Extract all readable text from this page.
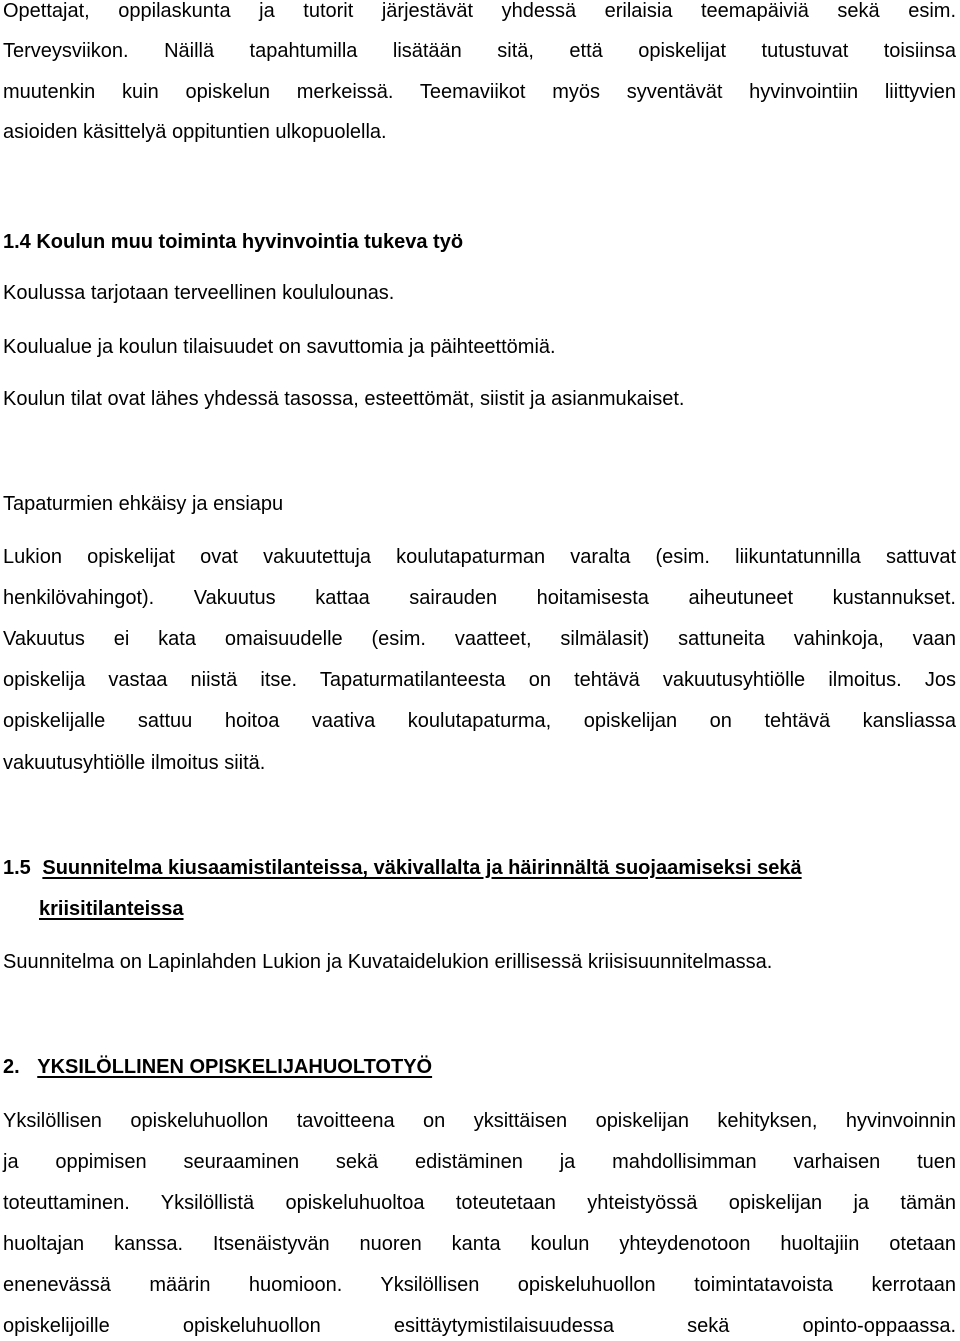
Opettajat, oppilaskunta ja tutorit järjestävät yhdessä erilaisia teemapäiviä sekä esim.
Terveysviikon. Näillä tapahtumilla lisätään sitä, että opiskelijat tutustuvat toisiinsa
muutenkin kuin opiskelun merkeissä. Teemaviikot myös syventävät hyvinvointiin liittyvien
asioiden käsittelyä oppituntien ulkopuolella.
1.4 Koulun muu toiminta hyvinvointia tukeva työ
Koulussa tarjotaan terveellinen koululounas.
Koulualue ja koulun tilaisuudet on savuttomia ja päihteettömiä.
Koulun tilat ovat lähes yhdessä tasossa, esteettömät, siistit ja asianmukaiset.
Tapaturmien ehkäisy ja ensiapu
Lukion opiskelijat ovat vakuutettuja koulutapaturman varalta (esim. liikuntatunnilla sattuvat
henkilövahingot). Vakuutus kattaa sairauden hoitamisesta aiheutuneet kustannukset.
Vakuutus ei kata omaisuudelle (esim. vaatteet, silmälasit) sattuneita vahinkoja, vaan
opiskelija vastaa niistä itse. Tapaturmatilanteesta on tehtävä vakuutusyhtiölle ilmoitus. Jos
opiskelijalle sattuu hoitoa vaativa koulutapaturma, opiskelijan on tehtävä kansliassa
vakuutusyhtiölle ilmoitus siitä.
1.5 Suunnitelma kiusaamistilanteissa, väkivallalta ja häirinnältä suojaamiseksi sekä
kriisitilanteissa
Suunnitelma on Lapinlahden Lukion ja Kuvataidelukion erillisessä kriisisuunnitelmassa.
2. YKSILÖLLINEN OPISKELIJAHUOLTOTYÖ
Yksilöllisen opiskeluhuollon tavoitteena on yksittäisen opiskelijan kehityksen, hyvinvoinnin
ja oppimisen seuraaminen sekä edistäminen ja mahdollisimman varhaisen tuen
toteuttaminen. Yksilöllistä opiskeluhuoltoa toteutetaan yhteistyössä opiskelijan ja tämän
huoltajan kanssa. Itsenäistyvän nuoren kanta koulun yhteydenotoon huoltajiin otetaan
enenevässä määrin huomioon. Yksilöllisen opiskeluhuollon toimintatavoista kerrotaan
opiskelijoille opiskeluhuollon esittäytymistilaisuudessa sekä opinto-oppaassa.
